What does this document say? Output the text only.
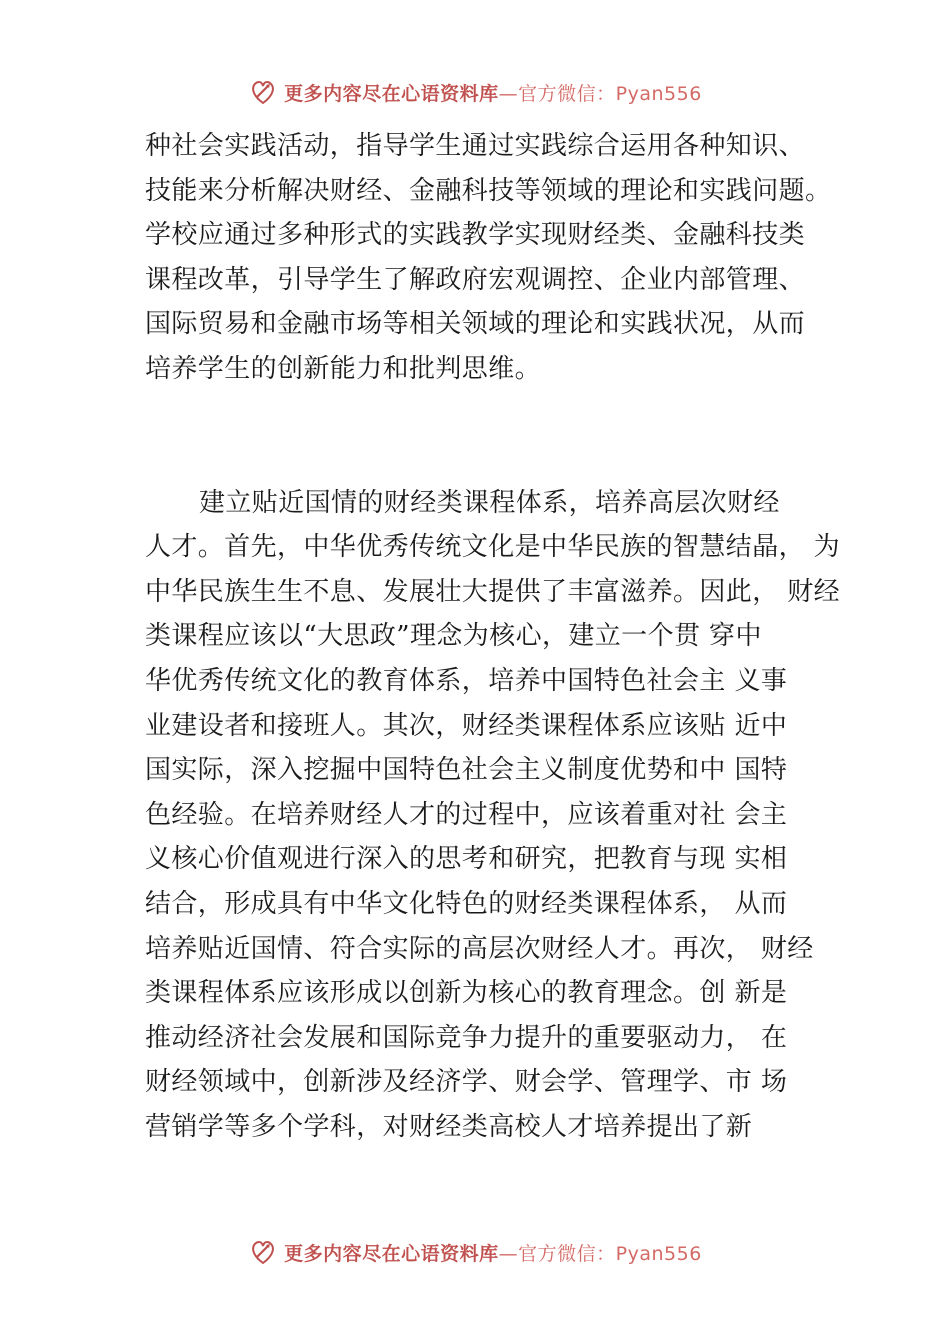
更多内容尽在心语资料库—官方微信：Pyan556
种社会实践活动，指导学生通过实践综合运用各种知识、
技能来分析解决财经、金融科技等领域的理论和实践问题。
学校应通过多种形式的实践教学实现财经类、金融科技类
课程改革，引导学生了解政府宏观调控、企业内部管理、
国际贸易和金融市场等相关领域的理论和实践状况，从而
培养学生的创新能力和批判思维。
建立贴近国情的财经类课程体系，培养高层次财经
人才。首先，中华优秀传统文化是中华民族的智慧结晶， 为
中华民族生生不息、发展壮大提供了丰富滋养。因此， 财经
类课程应该以“大思政”理念为核心，建立一个贯 穿中
华优秀传统文化的教育体系，培养中国特色社会主 义事
业建设者和接班人。其次，财经类课程体系应该贴 近中
国实际，深入挖掘中国特色社会主义制度优势和中 国特
色经验。在培养财经人才的过程中，应该着重对社 会主
义核心价值观进行深入的思考和研究，把教育与现 实相
结合，形成具有中华文化特色的财经类课程体系， 从而
培养贴近国情、符合实际的高层次财经人才。再次， 财经
类课程体系应该形成以创新为核心的教育理念。创 新是
推动经济社会发展和国际竞争力提升的重要驱动力， 在
财经领域中，创新涉及经济学、财会学、管理学、市 场
营销学等多个学科，对财经类高校人才培养提出了新
更多内容尽在心语资料库—官方微信：Pyan556
